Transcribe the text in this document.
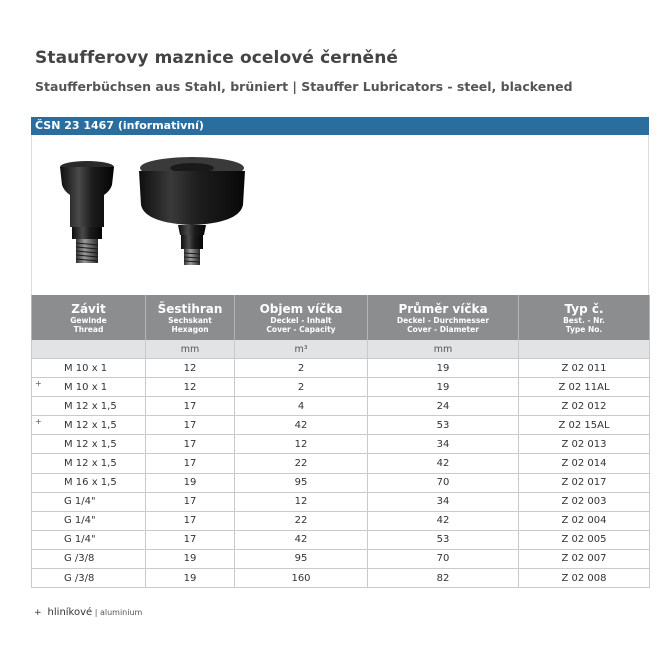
Staufferovy maznice ocelové černěné
Staufferbüchsen aus Stahl, brüniert | Stauffer Lubricators - steel, blackened
ČSN 23 1467 (informativní)
Závit
Gewinde
Thread	Šestihran
Sechskant
Hexagon	Objem víčka
Deckel - Inhalt
Cover - Capacity	Průměr víčka
Deckel - Durchmesser
Cover - Diameter	Typ č.
Best. - Nr.
Type No.

	mm	m³	mm	

M 10 x 1	12	2	19	Z 02 011

+ M 10 x 1	12	2	19	Z 02 11AL

M 12 x 1,5	17	4	24	Z 02 012

+ M 12 x 1,5	17	42	53	Z 02 15AL

M 12 x 1,5	17	12	34	Z 02 013

M 12 x 1,5	17	22	42	Z 02 014

M 16 x 1,5	19	95	70	Z 02 017

G 1/4"	17	12	34	Z 02 003

G 1/4"	17	22	42	Z 02 004

G 1/4"	17	42	53	Z 02 005

G /3/8	19	95	70	Z 02 007

G /3/8	19	160	82	Z 02 008
+ hliníkové | aluminium
